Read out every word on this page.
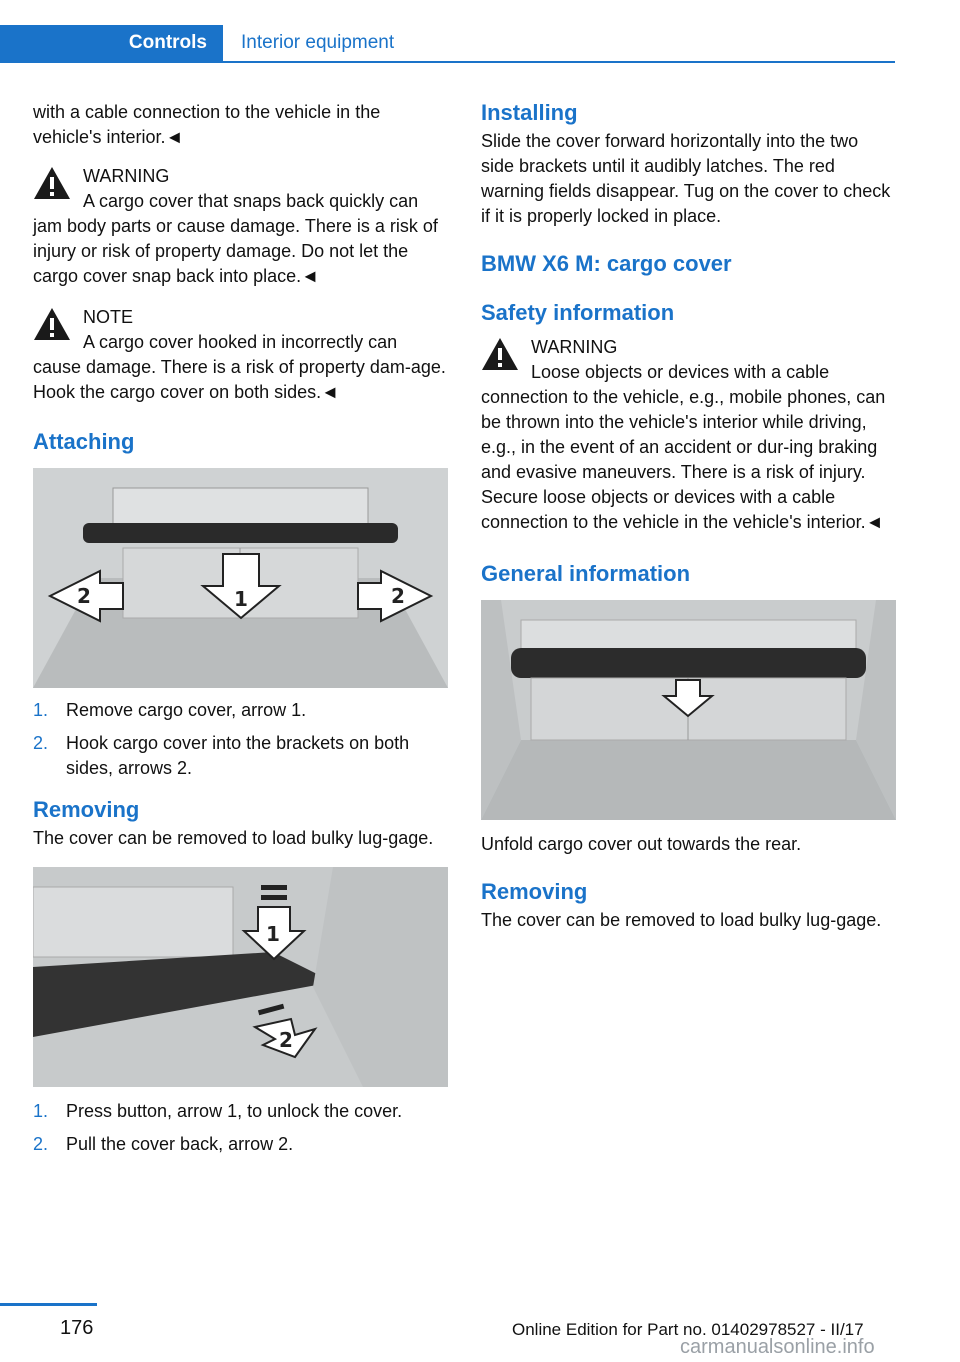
Controls	Interior equipment

with a cable connection to the vehicle in the vehicle's interior.◄

WARNING

A cargo cover that snaps back quickly can jam body parts or cause damage. There is a risk of injury or risk of property damage. Do not let the cargo cover snap back into place.◄

NOTE

A cargo cover hooked in incorrectly can cause damage. There is a risk of property dam‐age. Hook the cargo cover on both sides.◄

Attaching

2	1	2
1. Remove cargo cover, arrow 1.
2. Hook cargo cover into the brackets on both sides, arrows 2.

Removing

The cover can be removed to load bulky lug‐gage.

1
2
1. Press button, arrow 1, to unlock the cover.
2. Pull the cover back, arrow 2.

Installing

Slide the cover forward horizontally into the two side brackets until it audibly latches. The red warning fields disappear. Tug on the cover to check if it is properly locked in place.

BMW X6 M: cargo cover

Safety information

WARNING

Loose objects or devices with a cable connection to the vehicle, e.g., mobile phones, can be thrown into the vehicle's interior while driving, e.g., in the event of an accident or dur‐ing braking and evasive maneuvers. There is a risk of injury. Secure loose objects or devices with a cable connection to the vehicle in the vehicle's interior.◄

General information

Unfold cargo cover out towards the rear.

Removing

The cover can be removed to load bulky lug‐gage.

176	Online Edition for Part no. 01402978527 - II/17
carmanualsonline.info
